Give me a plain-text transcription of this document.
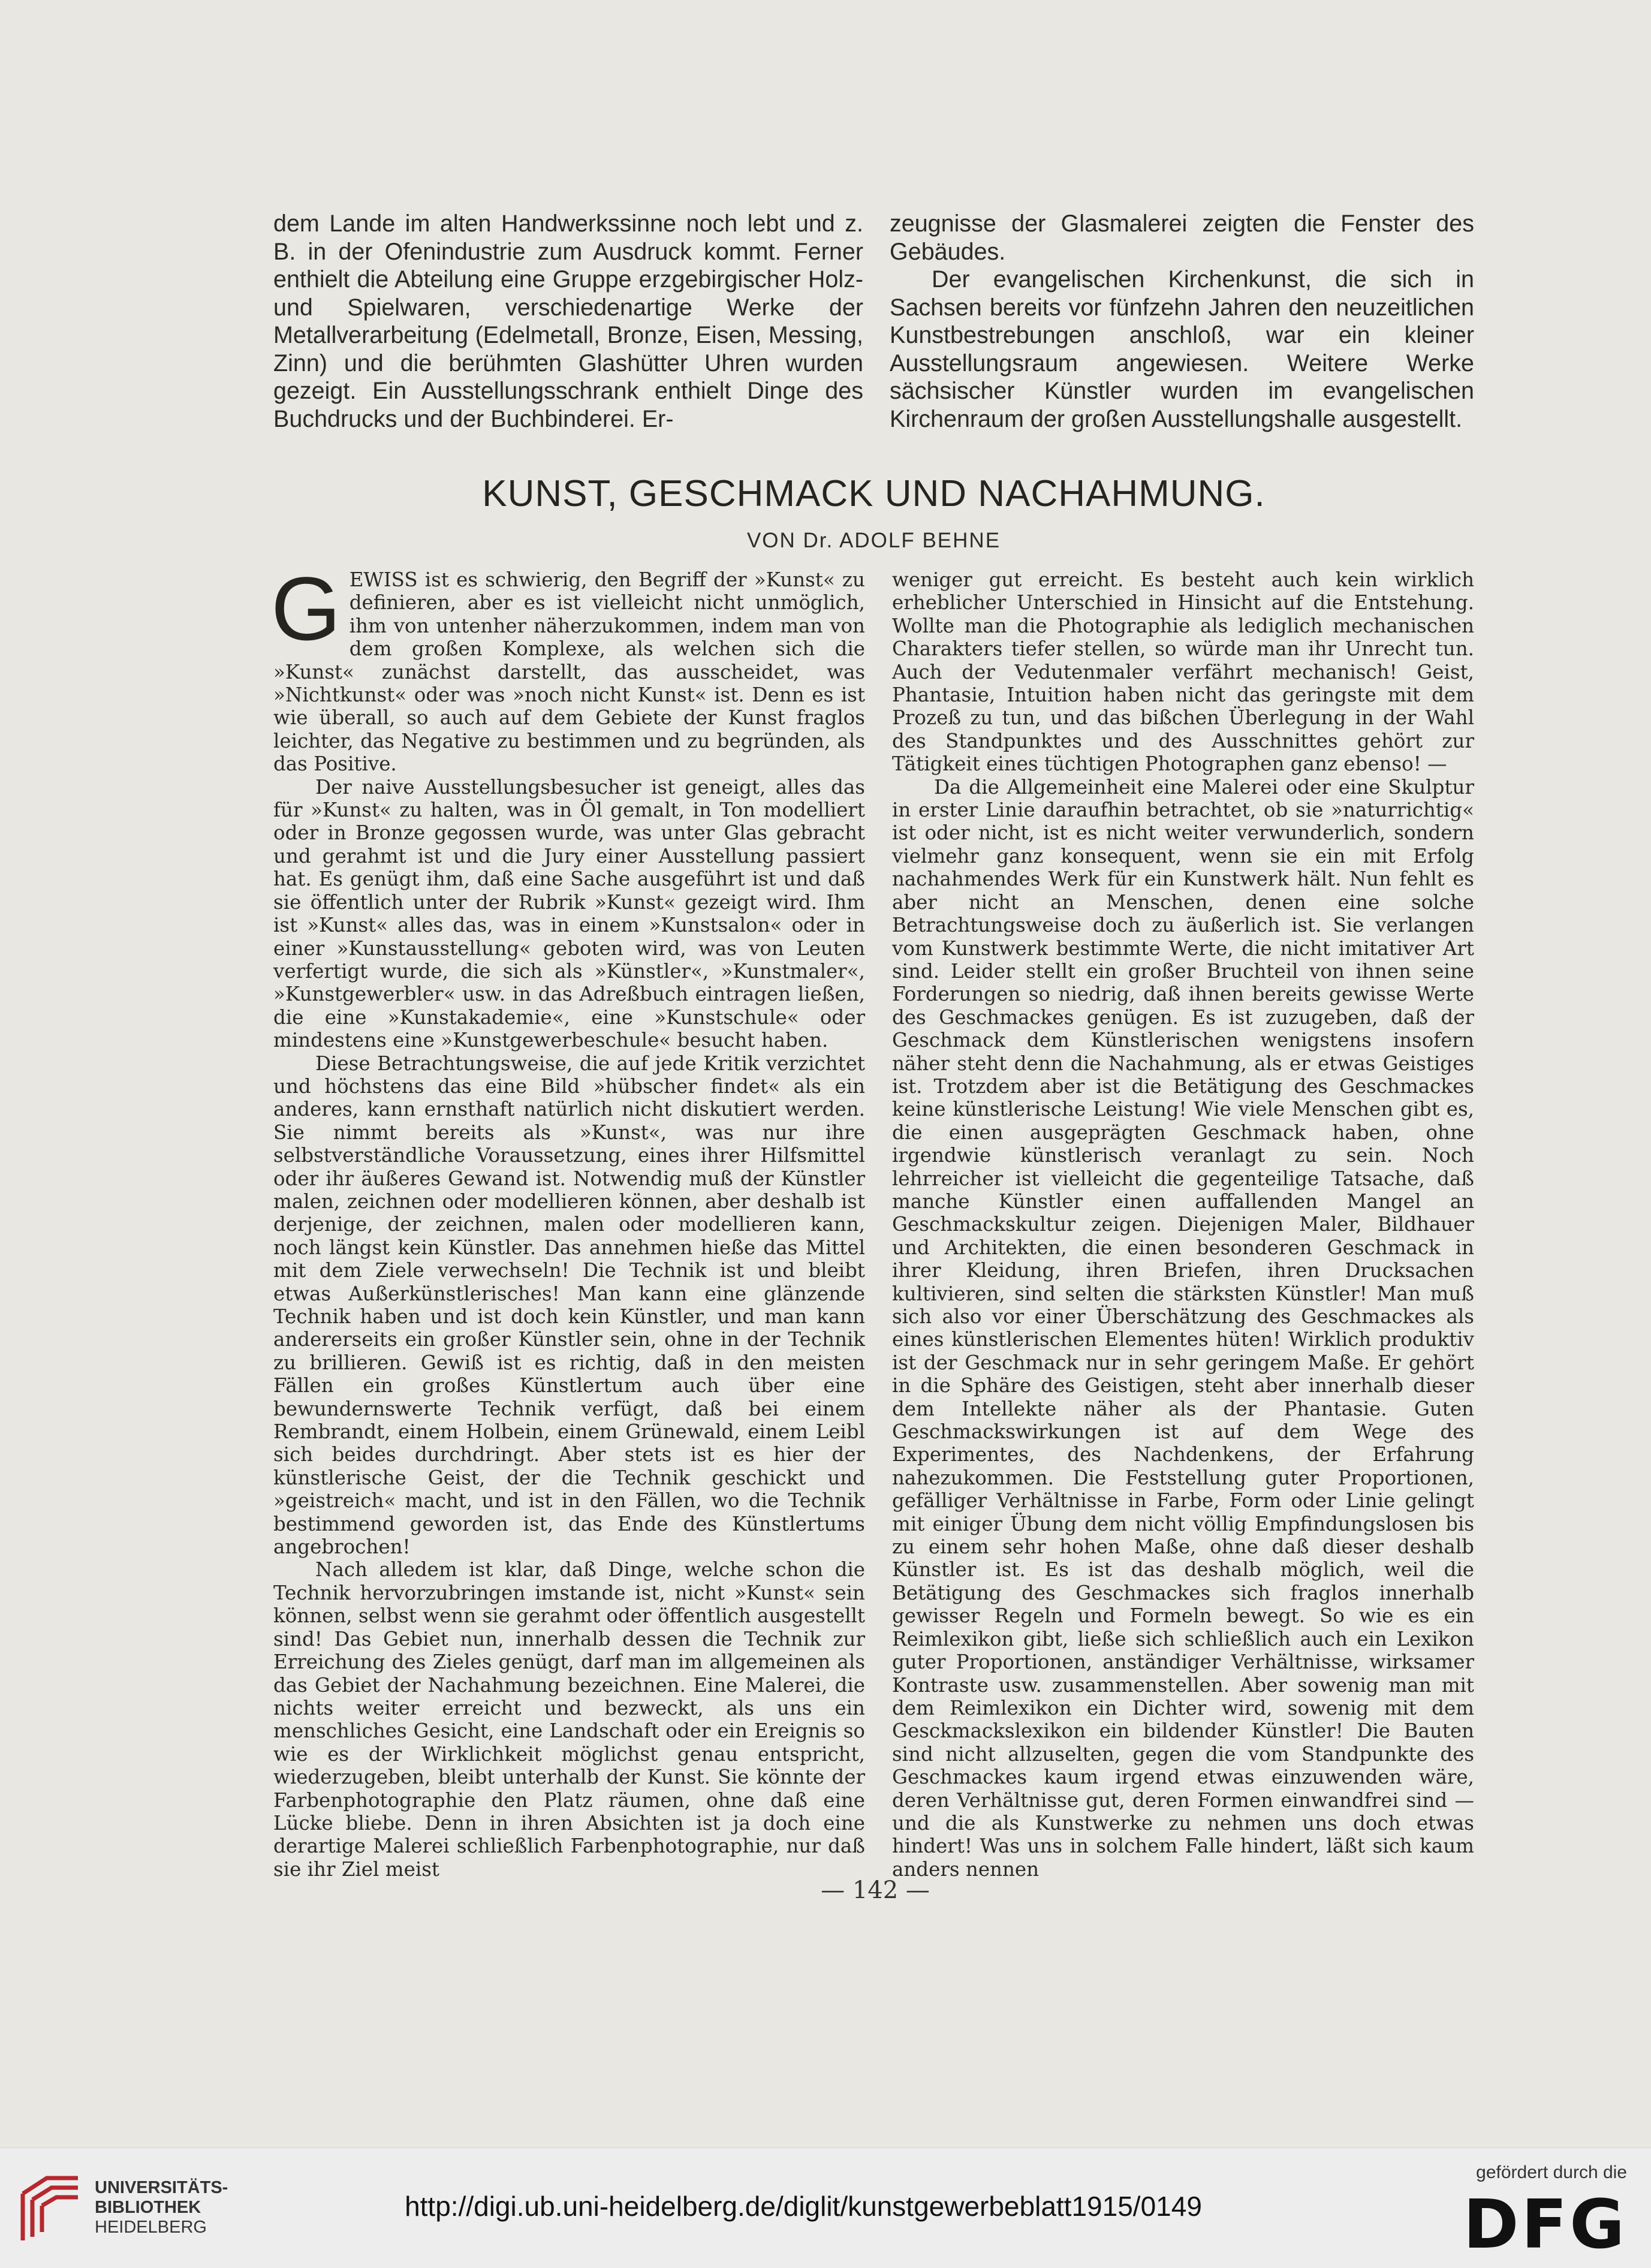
dem Lande im alten Handwerkssinne noch lebt und z. B. in der Ofenindustrie zum Ausdruck kommt. Ferner enthielt die Abteilung eine Gruppe erzgebirgischer Holz- und Spielwaren, verschiedenartige Werke der Metallverarbeitung (Edelmetall, Bronze, Eisen, Messing, Zinn) und die berühmten Glashütter Uhren wurden gezeigt. Ein Ausstellungsschrank enthielt Dinge des Buchdrucks und der Buchbinderei. Er-

zeugnisse der Glasmalerei zeigten die Fenster des Gebäudes.

Der evangelischen Kirchenkunst, die sich in Sachsen bereits vor fünfzehn Jahren den neuzeitlichen Kunstbestrebungen anschloß, war ein kleiner Ausstellungsraum angewiesen. Weitere Werke sächsischer Künstler wurden im evangelischen Kirchenraum der großen Ausstellungshalle ausgestellt.

KUNST, GESCHMACK UND NACHAHMUNG.
VON Dr. ADOLF BEHNE

GEWISS ist es schwierig, den Begriff der »Kunst« zu definieren, aber es ist vielleicht nicht unmöglich, ihm von untenher näherzukommen, indem man von dem großen Komplexe, als welchen sich die »Kunst« zunächst darstellt, das ausscheidet, was »Nichtkunst« oder was »noch nicht Kunst« ist. Denn es ist wie überall, so auch auf dem Gebiete der Kunst fraglos leichter, das Negative zu bestimmen und zu begründen, als das Positive.

Der naive Ausstellungsbesucher ist geneigt, alles das für »Kunst« zu halten, was in Öl gemalt, in Ton modelliert oder in Bronze gegossen wurde, was unter Glas gebracht und gerahmt ist und die Jury einer Ausstellung passiert hat. Es genügt ihm, daß eine Sache ausgeführt ist und daß sie öffentlich unter der Rubrik »Kunst« gezeigt wird. Ihm ist »Kunst« alles das, was in einem »Kunstsalon« oder in einer »Kunstausstellung« geboten wird, was von Leuten verfertigt wurde, die sich als »Künstler«, »Kunstmaler«, »Kunstgewerbler« usw. in das Adreßbuch eintragen ließen, die eine »Kunstakademie«, eine »Kunstschule« oder mindestens eine »Kunstgewerbeschule« besucht haben.

Diese Betrachtungsweise, die auf jede Kritik verzichtet und höchstens das eine Bild »hübscher findet« als ein anderes, kann ernsthaft natürlich nicht diskutiert werden. Sie nimmt bereits als »Kunst«, was nur ihre selbstverständliche Voraussetzung, eines ihrer Hilfsmittel oder ihr äußeres Gewand ist. Notwendig muß der Künstler malen, zeichnen oder modellieren können, aber deshalb ist derjenige, der zeichnen, malen oder modellieren kann, noch längst kein Künstler. Das annehmen hieße das Mittel mit dem Ziele verwechseln! Die Technik ist und bleibt etwas Außerkünstlerisches! Man kann eine glänzende Technik haben und ist doch kein Künstler, und man kann andererseits ein großer Künstler sein, ohne in der Technik zu brillieren. Gewiß ist es richtig, daß in den meisten Fällen ein großes Künstlertum auch über eine bewundernswerte Technik verfügt, daß bei einem Rembrandt, einem Holbein, einem Grünewald, einem Leibl sich beides durchdringt. Aber stets ist es hier der künstlerische Geist, der die Technik geschickt und »geistreich« macht, und ist in den Fällen, wo die Technik bestimmend geworden ist, das Ende des Künstlertums angebrochen!

Nach alledem ist klar, daß Dinge, welche schon die Technik hervorzubringen imstande ist, nicht »Kunst« sein können, selbst wenn sie gerahmt oder öffentlich ausgestellt sind! Das Gebiet nun, innerhalb dessen die Technik zur Erreichung des Zieles genügt, darf man im allgemeinen als das Gebiet der Nachahmung bezeichnen. Eine Malerei, die nichts weiter erreicht und bezweckt, als uns ein menschliches Gesicht, eine Landschaft oder ein Ereignis so wie es der Wirklichkeit möglichst genau entspricht, wiederzugeben, bleibt unterhalb der Kunst. Sie könnte der Farbenphotographie den Platz räumen, ohne daß eine Lücke bliebe. Denn in ihren Absichten ist ja doch eine derartige Malerei schließlich Farbenphotographie, nur daß sie ihr Ziel meist

weniger gut erreicht. Es besteht auch kein wirklich erheblicher Unterschied in Hinsicht auf die Entstehung. Wollte man die Photographie als lediglich mechanischen Charakters tiefer stellen, so würde man ihr Unrecht tun. Auch der Vedutenmaler verfährt mechanisch! Geist, Phantasie, Intuition haben nicht das geringste mit dem Prozeß zu tun, und das bißchen Überlegung in der Wahl des Standpunktes und des Ausschnittes gehört zur Tätigkeit eines tüchtigen Photographen ganz ebenso! —

Da die Allgemeinheit eine Malerei oder eine Skulptur in erster Linie daraufhin betrachtet, ob sie »naturrichtig« ist oder nicht, ist es nicht weiter verwunderlich, sondern vielmehr ganz konsequent, wenn sie ein mit Erfolg nachahmendes Werk für ein Kunstwerk hält. Nun fehlt es aber nicht an Menschen, denen eine solche Betrachtungsweise doch zu äußerlich ist. Sie verlangen vom Kunstwerk bestimmte Werte, die nicht imitativer Art sind. Leider stellt ein großer Bruchteil von ihnen seine Forderungen so niedrig, daß ihnen bereits gewisse Werte des Geschmackes genügen. Es ist zuzugeben, daß der Geschmack dem Künstlerischen wenigstens insofern näher steht denn die Nachahmung, als er etwas Geistiges ist. Trotzdem aber ist die Betätigung des Geschmackes keine künstlerische Leistung! Wie viele Menschen gibt es, die einen ausgeprägten Geschmack haben, ohne irgendwie künstlerisch veranlagt zu sein. Noch lehrreicher ist vielleicht die gegenteilige Tatsache, daß manche Künstler einen auffallenden Mangel an Geschmackskultur zeigen. Diejenigen Maler, Bildhauer und Architekten, die einen besonderen Geschmack in ihrer Kleidung, ihren Briefen, ihren Drucksachen kultivieren, sind selten die stärksten Künstler! Man muß sich also vor einer Überschätzung des Geschmackes als eines künstlerischen Elementes hüten! Wirklich produktiv ist der Geschmack nur in sehr geringem Maße. Er gehört in die Sphäre des Geistigen, steht aber innerhalb dieser dem Intellekte näher als der Phantasie. Guten Geschmackswirkungen ist auf dem Wege des Experimentes, des Nachdenkens, der Erfahrung nahezukommen. Die Feststellung guter Proportionen, gefälliger Verhältnisse in Farbe, Form oder Linie gelingt mit einiger Übung dem nicht völlig Empfindungslosen bis zu einem sehr hohen Maße, ohne daß dieser deshalb Künstler ist. Es ist das deshalb möglich, weil die Betätigung des Geschmackes sich fraglos innerhalb gewisser Regeln und Formeln bewegt. So wie es ein Reimlexikon gibt, ließe sich schließlich auch ein Lexikon guter Proportionen, anständiger Verhältnisse, wirksamer Kontraste usw. zusammenstellen. Aber sowenig man mit dem Reimlexikon ein Dichter wird, sowenig mit dem Gesckmackslexikon ein bildender Künstler! Die Bauten sind nicht allzuselten, gegen die vom Standpunkte des Geschmackes kaum irgend etwas einzuwenden wäre, deren Verhältnisse gut, deren Formen einwandfrei sind — und die als Kunstwerke zu nehmen uns doch etwas hindert! Was uns in solchem Falle hindert, läßt sich kaum anders nennen

— 142 —
UNIVERSITÄTS-
BIBLIOTHEK
HEIDELBERG
http://digi.ub.uni-heidelberg.de/diglit/kunstgewerbeblatt1915/0149
gefördert durch die
DFG
